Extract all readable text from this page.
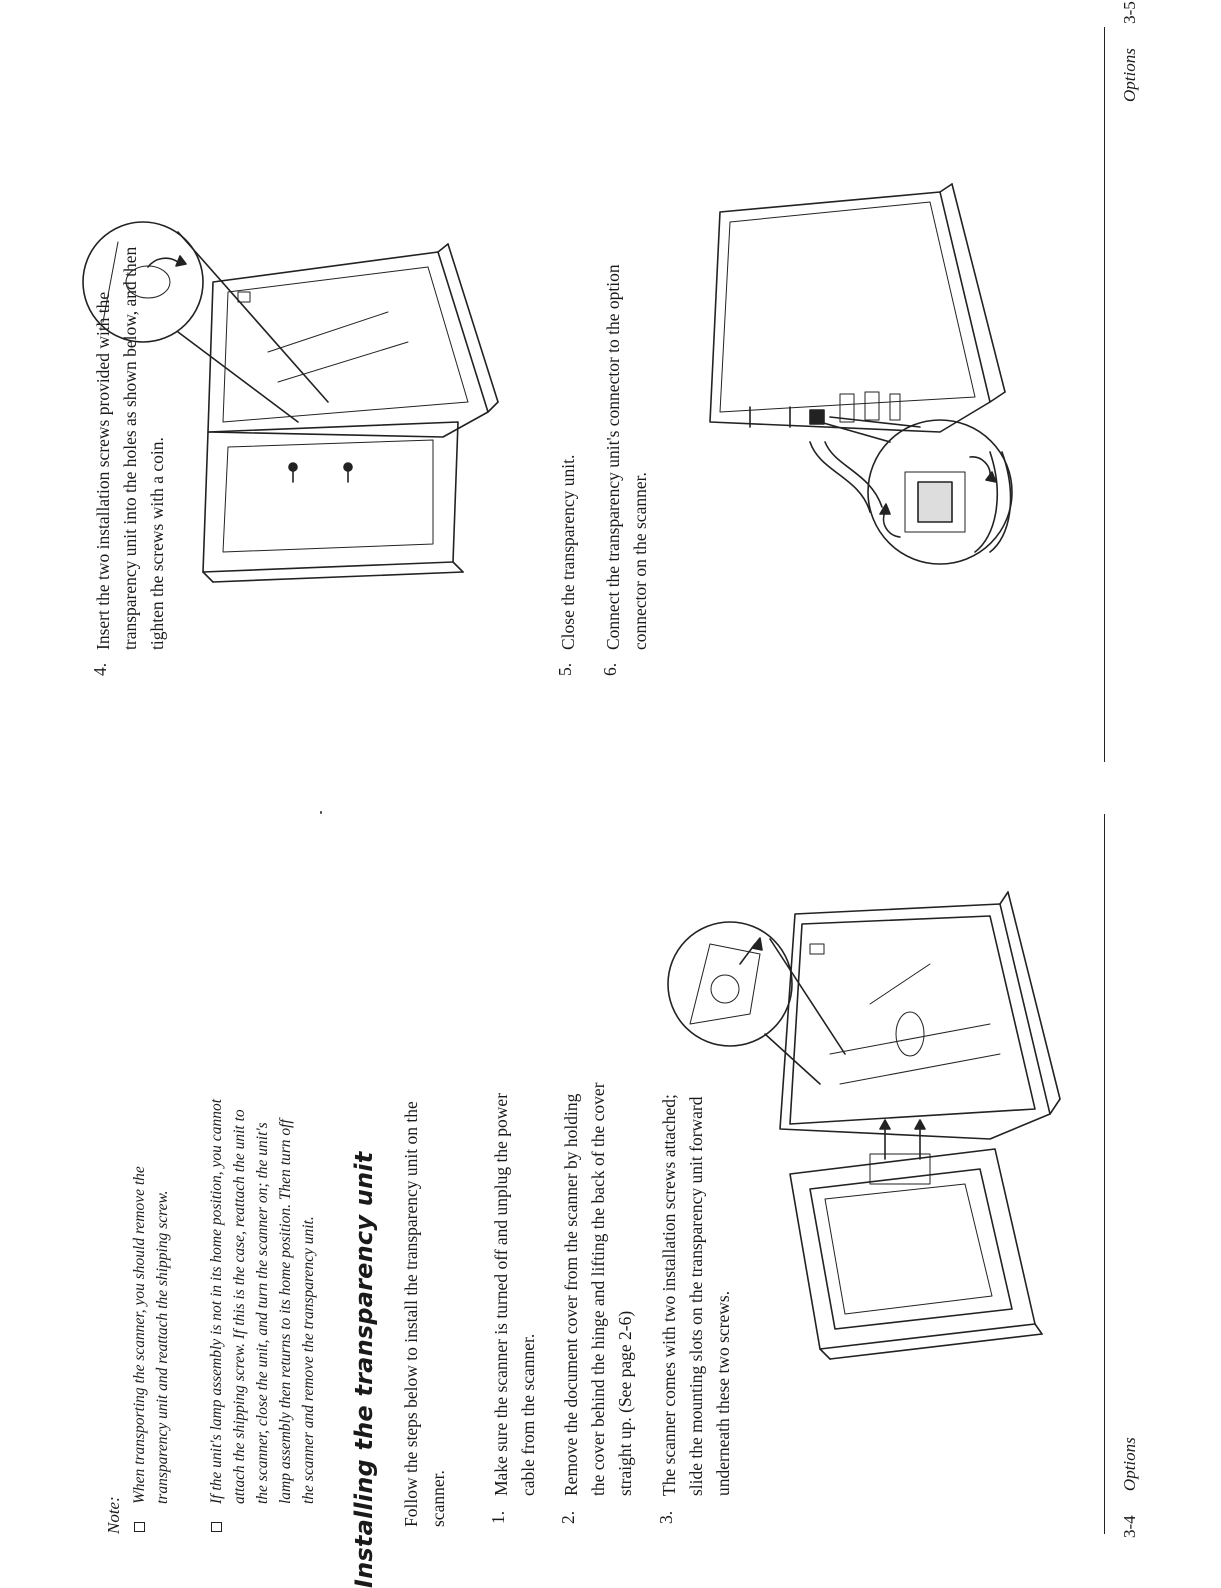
Note:
When transporting the scanner, you should remove the transparency unit and reattach the shipping screw. If the unit's lamp assembly is not in its home position, you cannot attach the shipping screw. If this is the case, reattach the unit to the scanner, close the unit, and turn the scanner on; the unit's lamp assembly then returns to its home position. Then turn off the scanner and remove the transparency unit. Installing the transparency unit Follow the steps below to install the transparency unit on the scanner. 1.
Make sure the scanner is turned off and unplug the power cable from the scanner.
2.
Remove the document cover from the scanner by holding the cover behind the hinge and lifting the back of the cover straight up. (See page 2-6)
3.
The scanner comes with two installation screws attached; slide the mounting slots on the transparency unit forward underneath these two screws.
3-4 Options
4.
Insert the two installation screws provided with the transparency unit into the holes as shown below, and then tighten the screws with a coin.
5.
Close the transparency unit.
6.
Connect the transparency unit's connector to the option connector on the scanner.
Options 3-5
